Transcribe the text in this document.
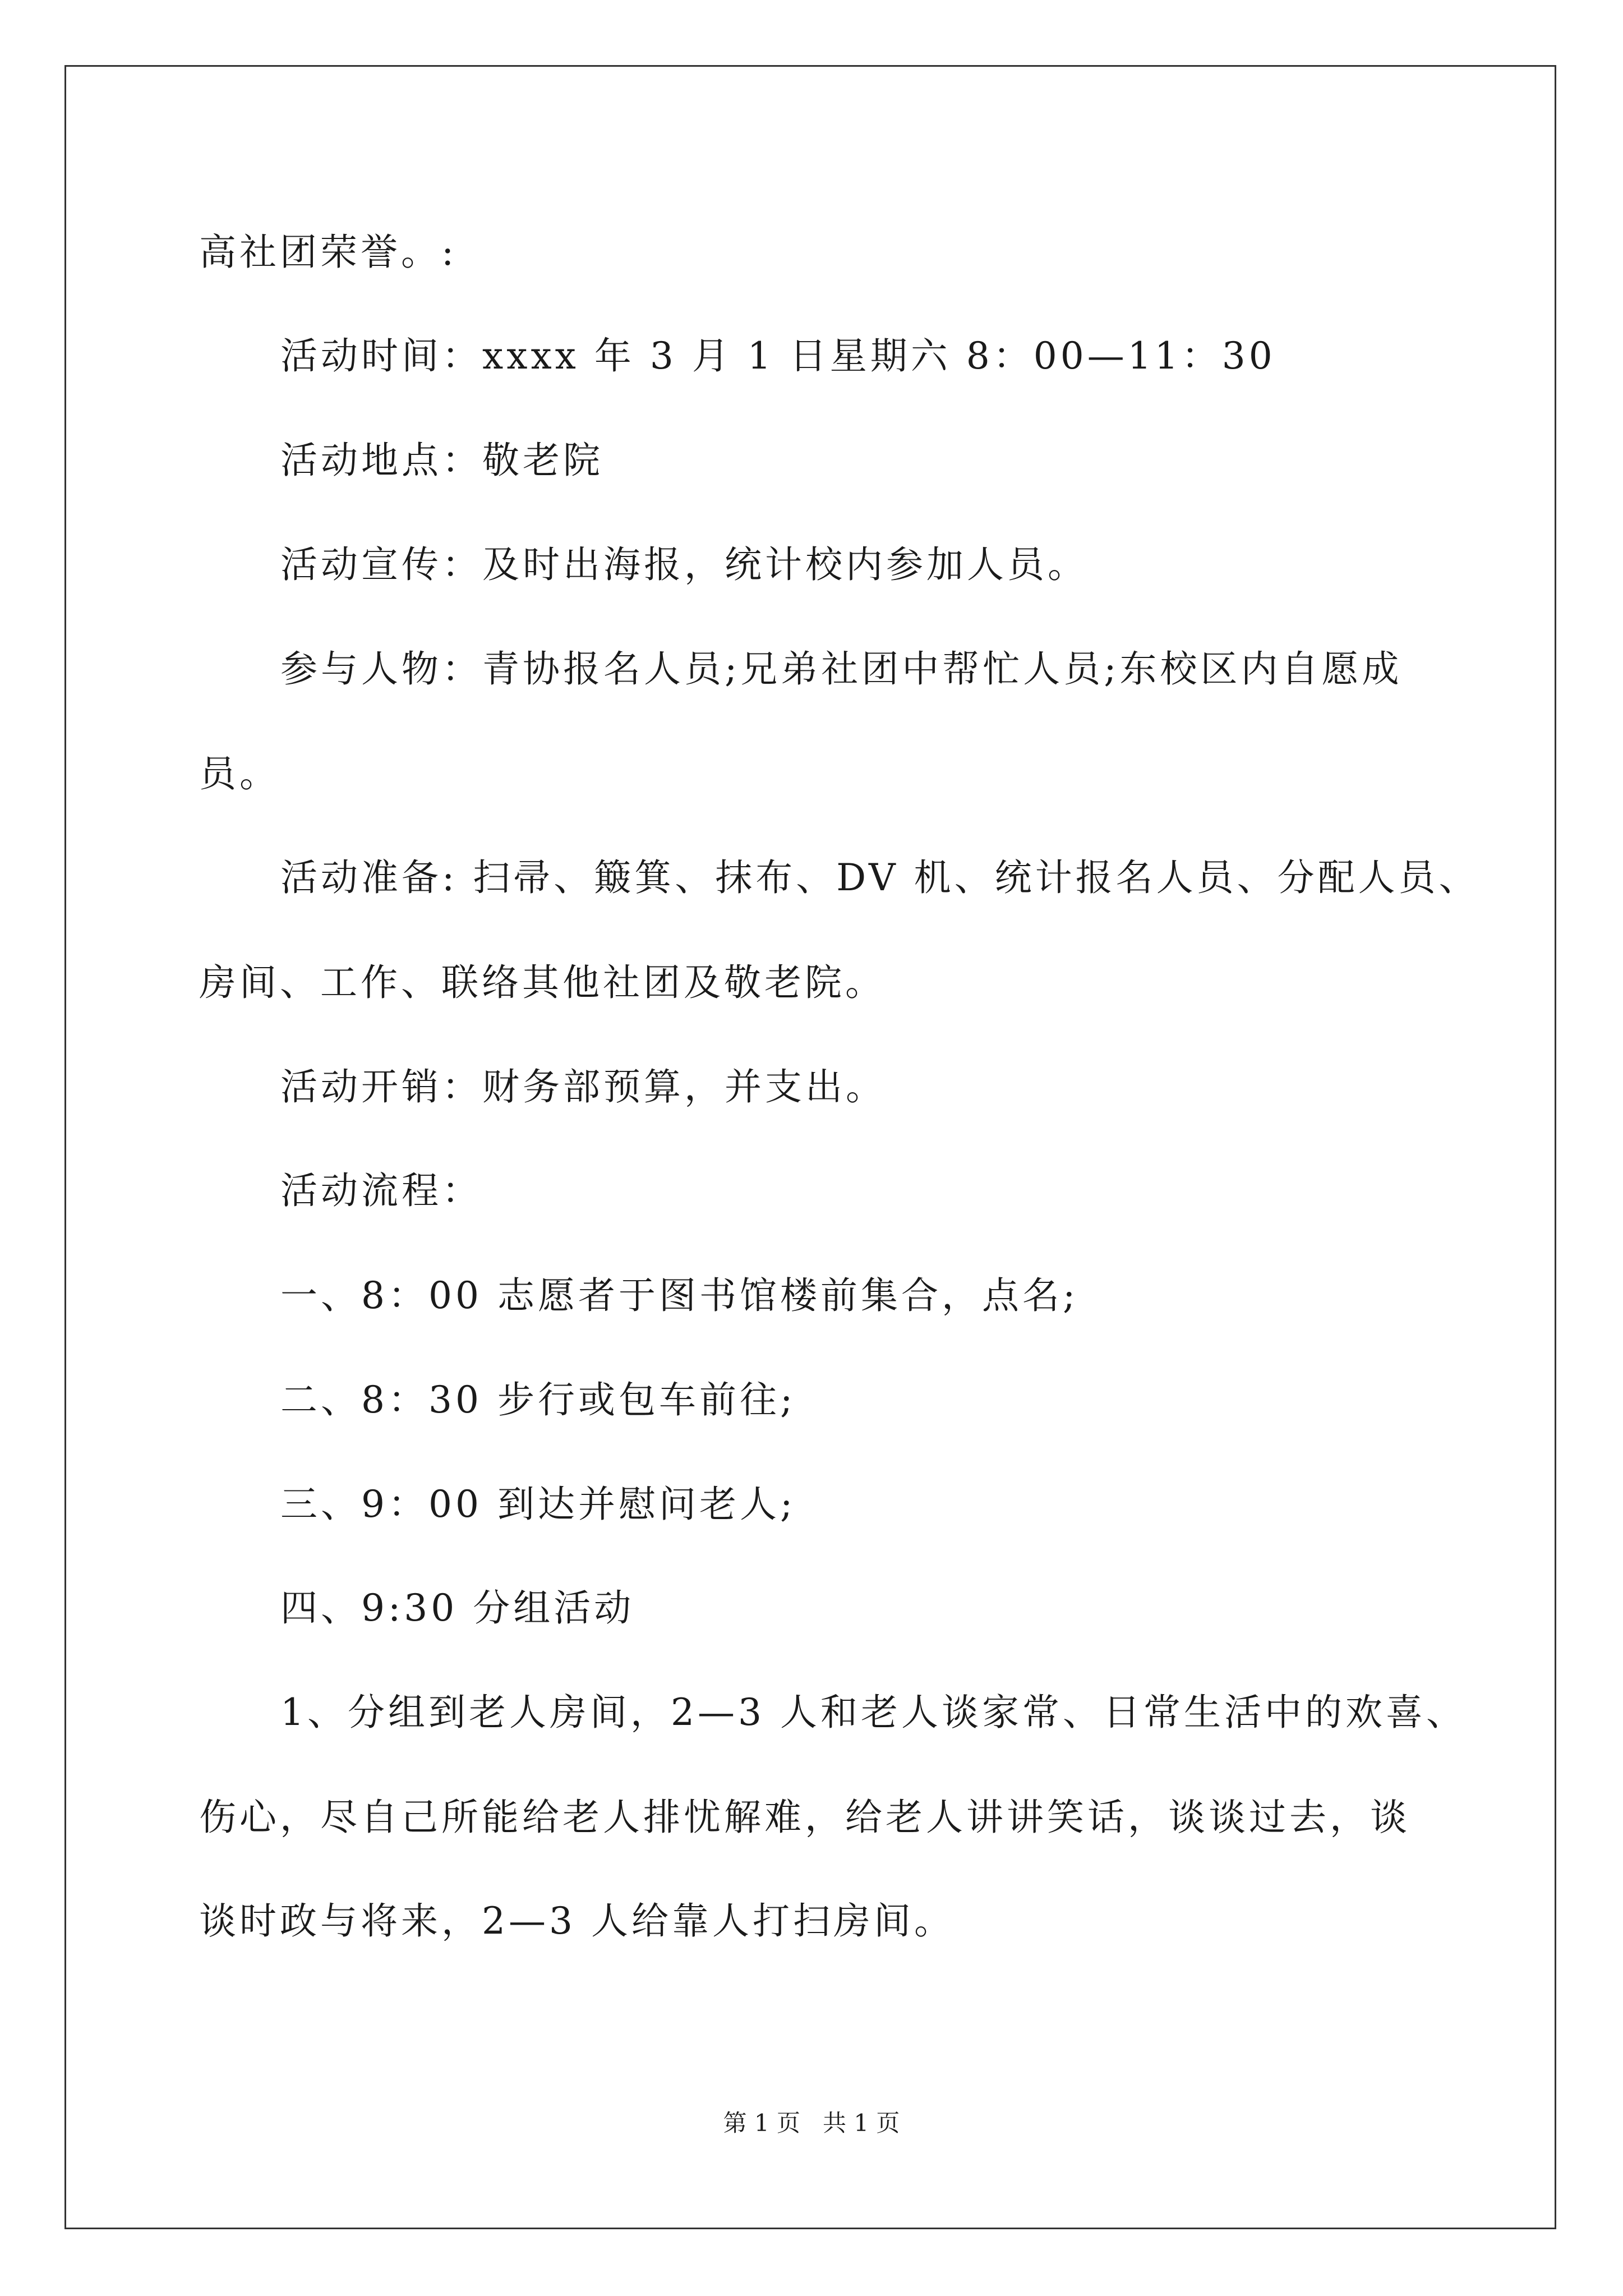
高社团荣誉。:
活动时间：xxxx 年 3 月 1 日星期六 8：00—11：30
活动地点：敬老院
活动宣传：及时出海报，统计校内参加人员。
参与人物：青协报名人员;兄弟社团中帮忙人员;东校区内自愿成
员。
活动准备: 扫帚、簸箕、抹布、DV 机、统计报名人员、分配人员、
房间、工作、联络其他社团及敬老院。
活动开销：财务部预算，并支出。
活动流程：
一、8：00 志愿者于图书馆楼前集合，点名;
二、8：30 步行或包车前往;
三、9：00 到达并慰问老人;
四、9:30 分组活动
1、分组到老人房间，2—3 人和老人谈家常、日常生活中的欢喜、
伤心，尽自己所能给老人排忧解难，给老人讲讲笑话，谈谈过去，谈
谈时政与将来，2—3 人给靠人打扫房间。
第 1 页 共 1 页
